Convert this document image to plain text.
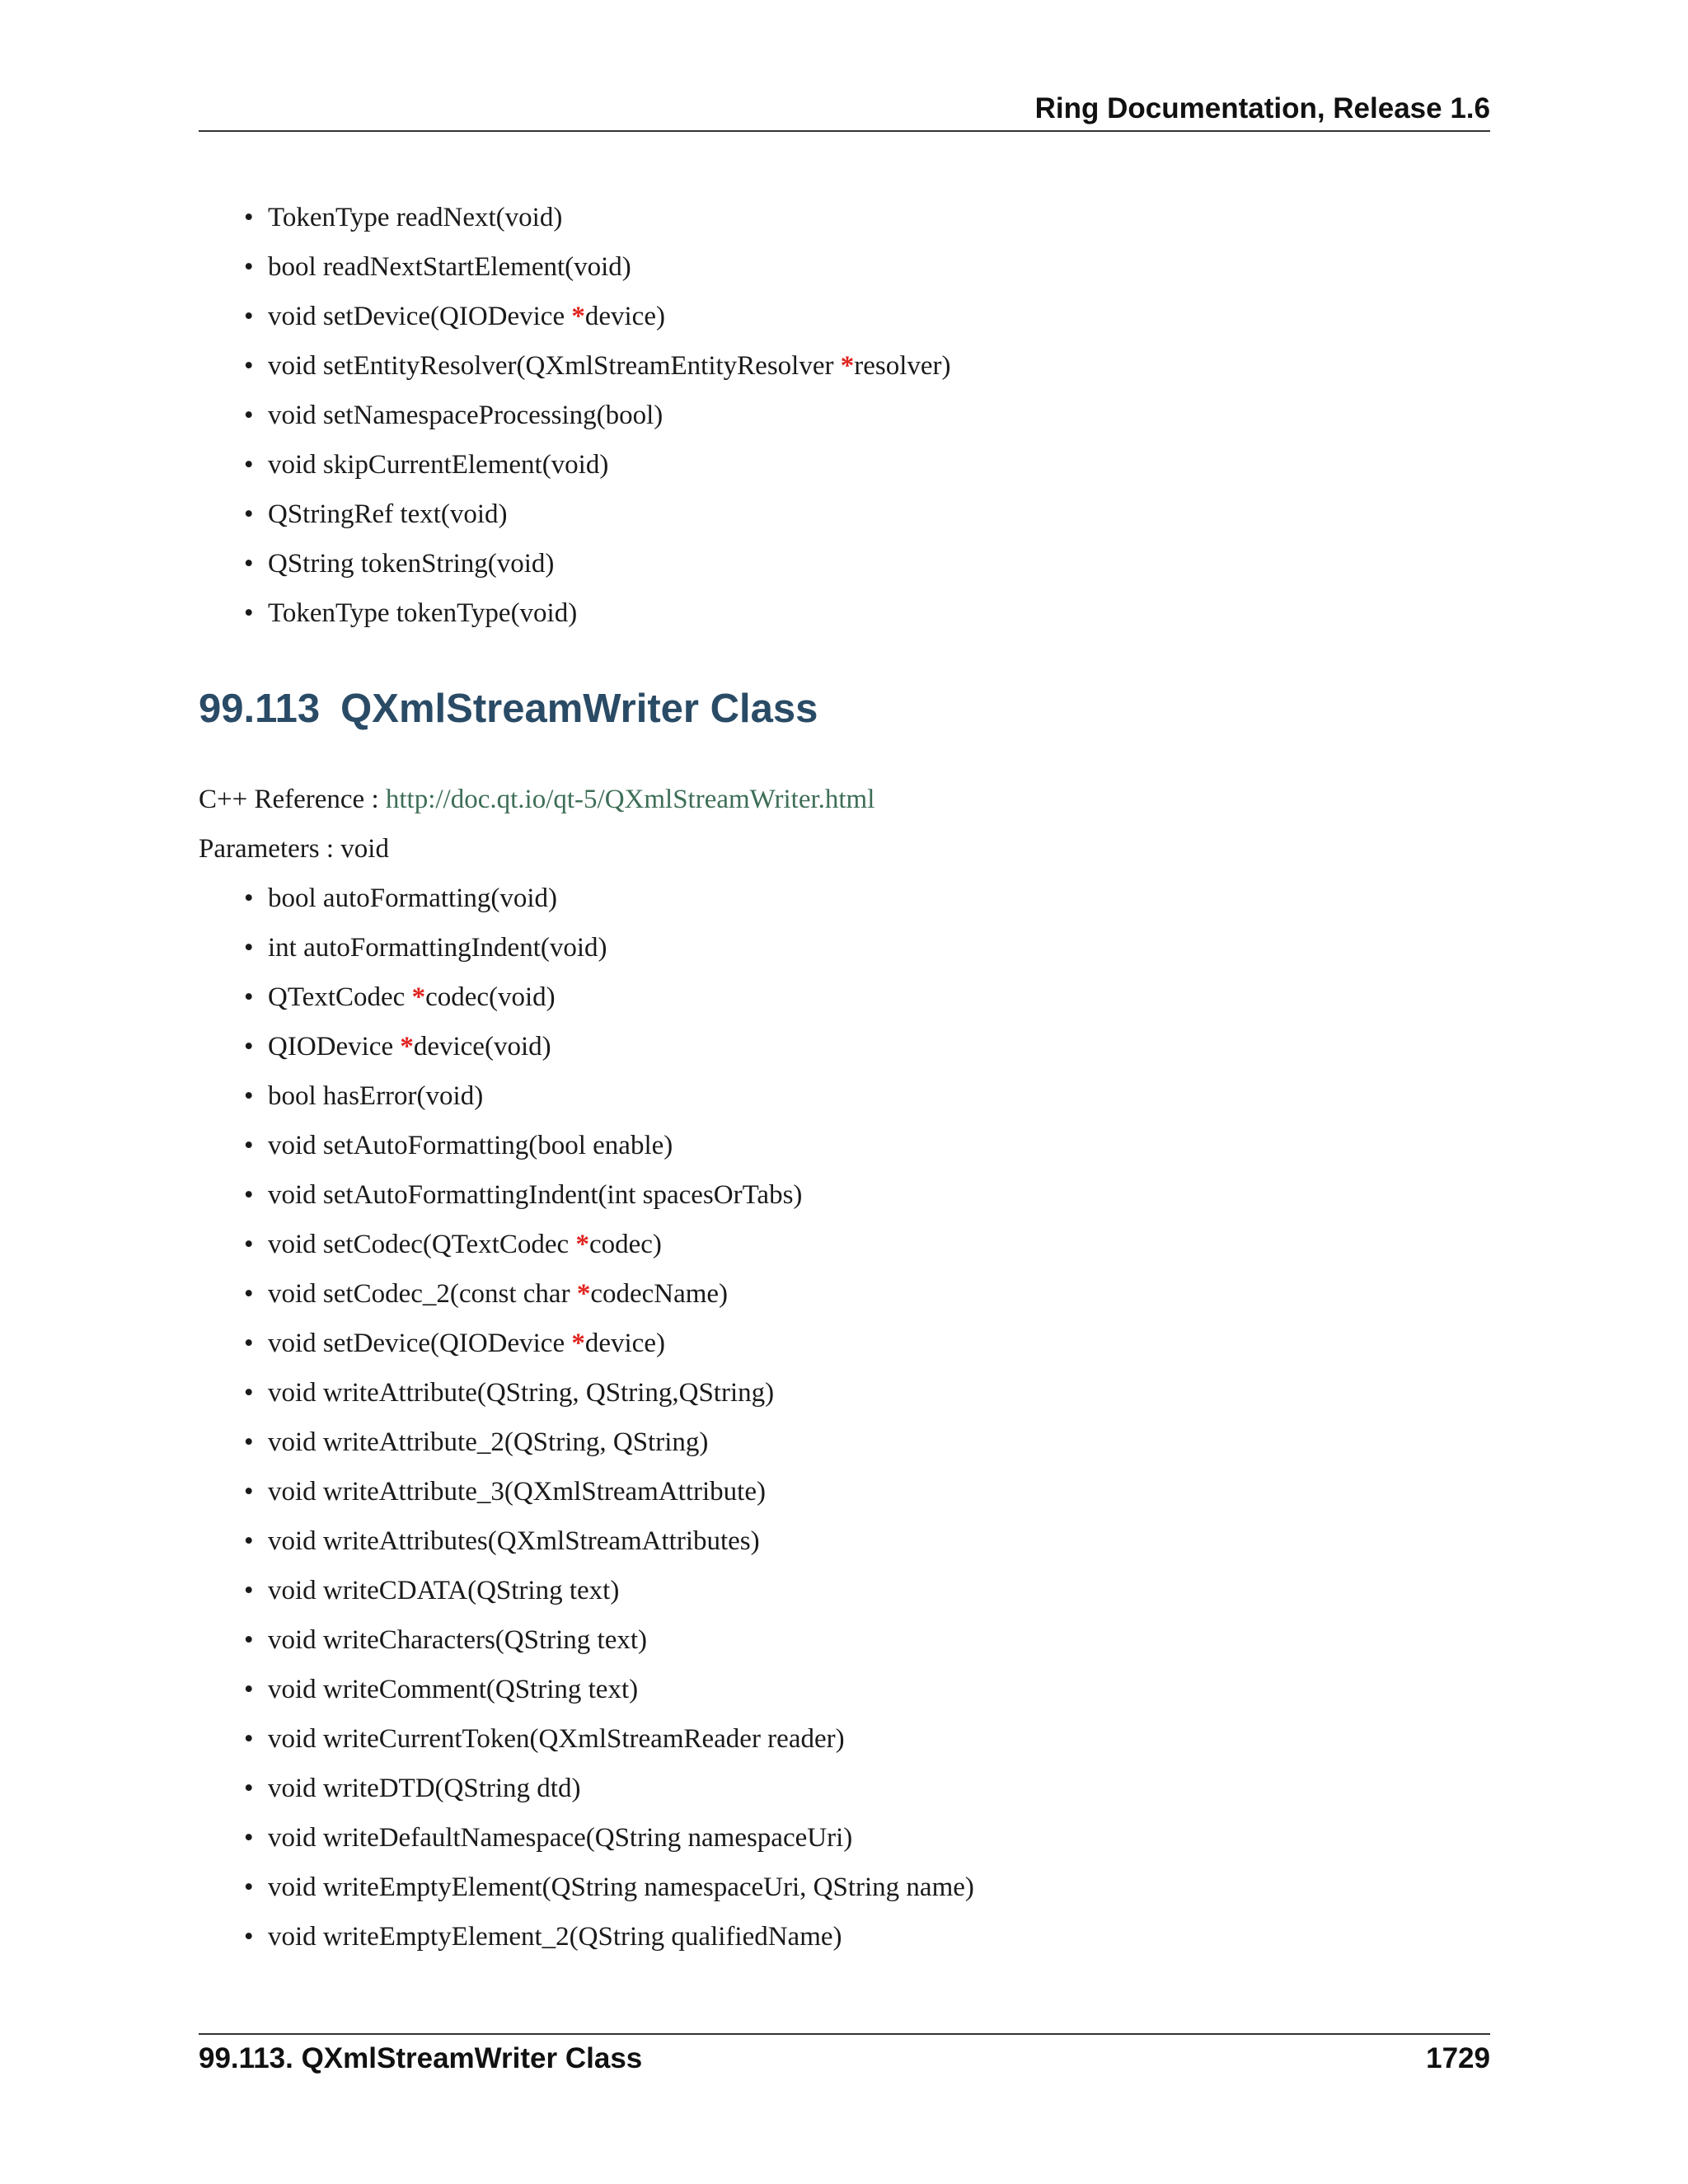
Ring Documentation, Release 1.6
• TokenType readNext(void)
• bool readNextStartElement(void)
• void setDevice(QIODevice *device)
• void setEntityResolver(QXmlStreamEntityResolver *resolver)
• void setNamespaceProcessing(bool)
• void skipCurrentElement(void)
• QStringRef text(void)
• QString tokenString(void)
• TokenType tokenType(void)
99.113 QXmlStreamWriter Class
C++ Reference : http://doc.qt.io/qt-5/QXmlStreamWriter.html
Parameters : void
• bool autoFormatting(void)
• int autoFormattingIndent(void)
• QTextCodec *codec(void)
• QIODevice *device(void)
• bool hasError(void)
• void setAutoFormatting(bool enable)
• void setAutoFormattingIndent(int spacesOrTabs)
• void setCodec(QTextCodec *codec)
• void setCodec_2(const char *codecName)
• void setDevice(QIODevice *device)
• void writeAttribute(QString, QString,QString)
• void writeAttribute_2(QString, QString)
• void writeAttribute_3(QXmlStreamAttribute)
• void writeAttributes(QXmlStreamAttributes)
• void writeCDATA(QString text)
• void writeCharacters(QString text)
• void writeComment(QString text)
• void writeCurrentToken(QXmlStreamReader reader)
• void writeDTD(QString dtd)
• void writeDefaultNamespace(QString namespaceUri)
• void writeEmptyElement(QString namespaceUri, QString name)
• void writeEmptyElement_2(QString qualifiedName)
99.113. QXmlStreamWriter Class	1729
